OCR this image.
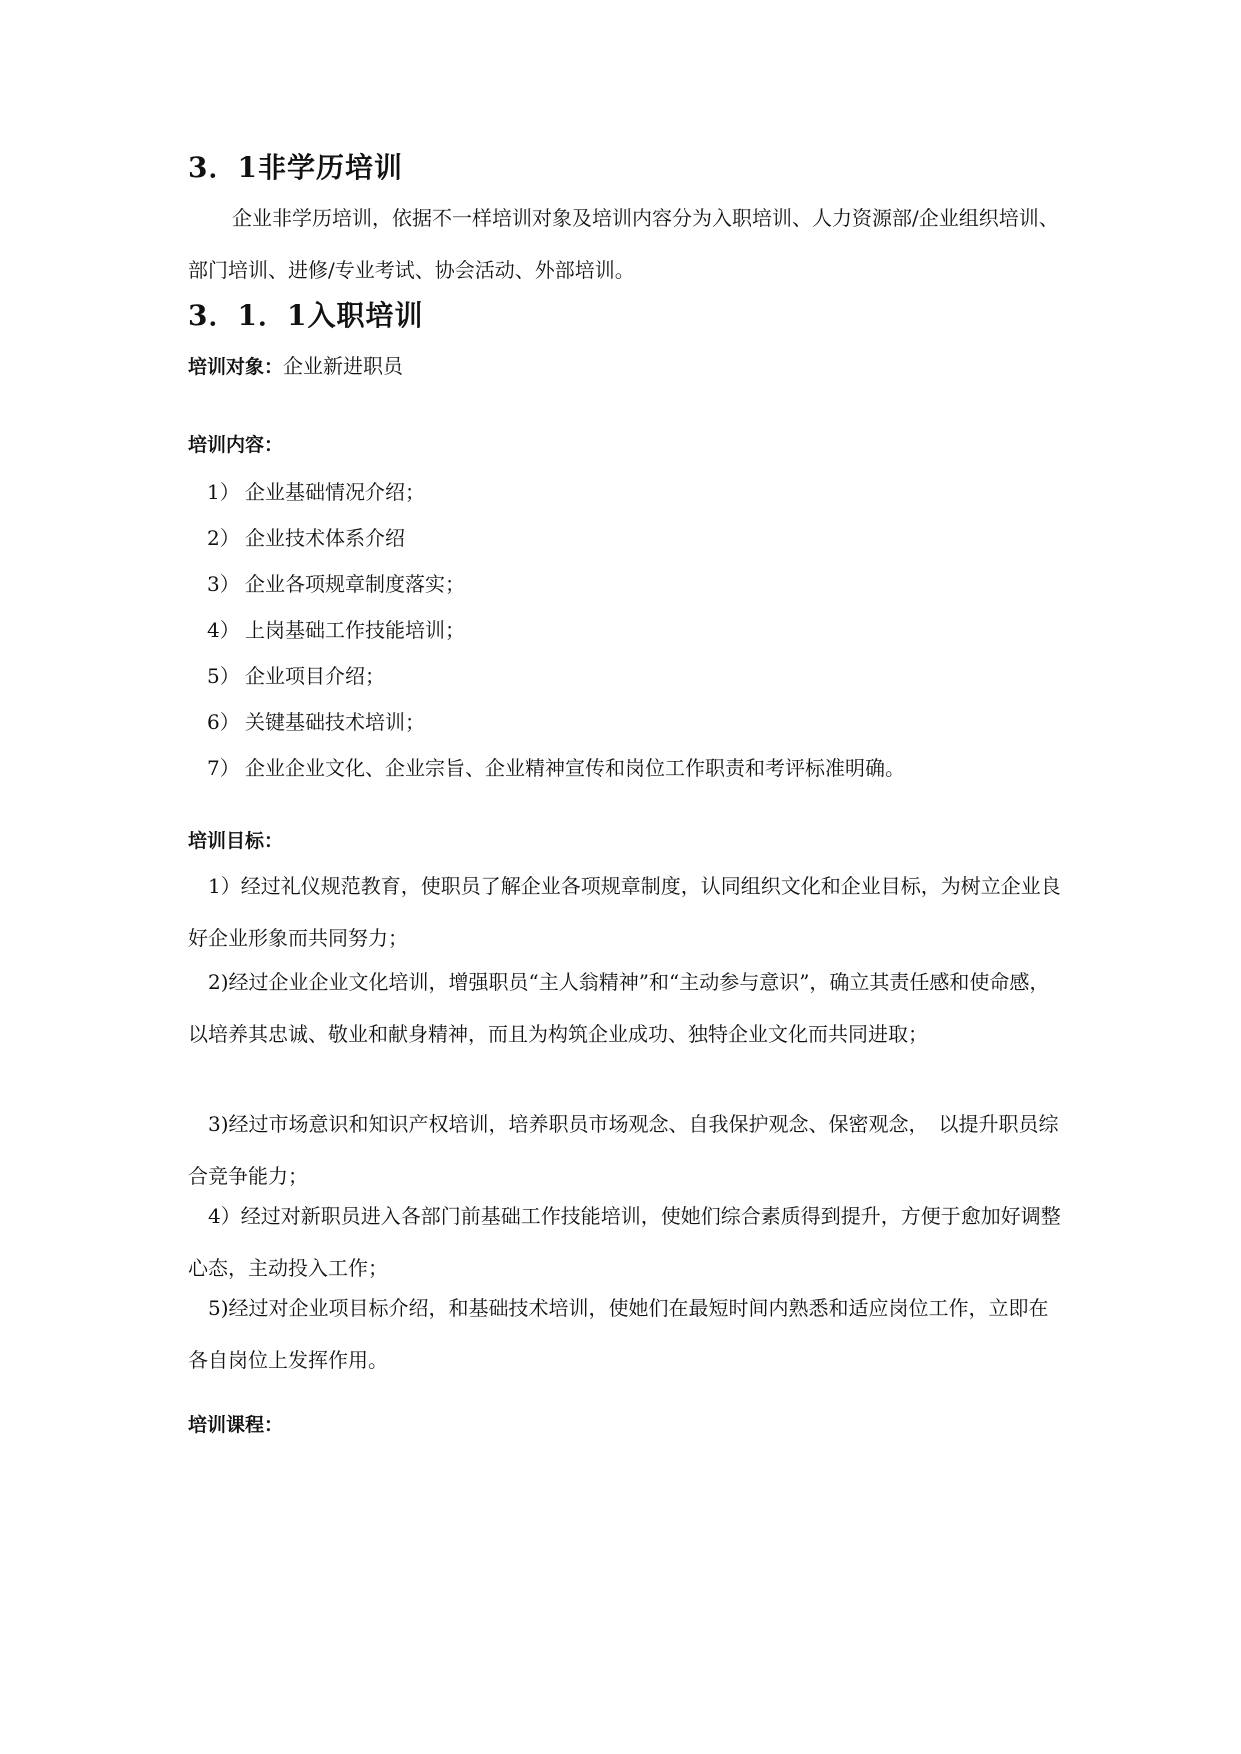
3．1非学历培训

企业非学历培训，依据不一样培训对象及培训内容分为入职培训、人力资源部/企业组织培训、部门培训、进修/专业考试、协会活动、外部培训。

3．1．1入职培训

培训对象：企业新进职员

培训内容：

1） 企业基础情况介绍；

2） 企业技术体系介绍

3） 企业各项规章制度落实；

4） 上岗基础工作技能培训；

5） 企业项目介绍；

6） 关键基础技术培训；

7） 企业企业文化、企业宗旨、企业精神宣传和岗位工作职责和考评标准明确。

培训目标：

1）经过礼仪规范教育，使职员了解企业各项规章制度，认同组织文化和企业目标，为树立企业良好企业形象而共同努力；

2)经过企业企业文化培训，增强职员“主人翁精神”和“主动参与意识”，确立其责任感和使命感，以培养其忠诚、敬业和献身精神，而且为构筑企业成功、独特企业文化而共同进取；

3)经过市场意识和知识产权培训，培养职员市场观念、自我保护观念、保密观念，　以提升职员综合竞争能力；

4）经过对新职员进入各部门前基础工作技能培训，使她们综合素质得到提升，方便于愈加好调整心态，主动投入工作；

5)经过对企业项目标介绍，和基础技术培训，使她们在最短时间内熟悉和适应岗位工作，立即在各自岗位上发挥作用。

培训课程：
